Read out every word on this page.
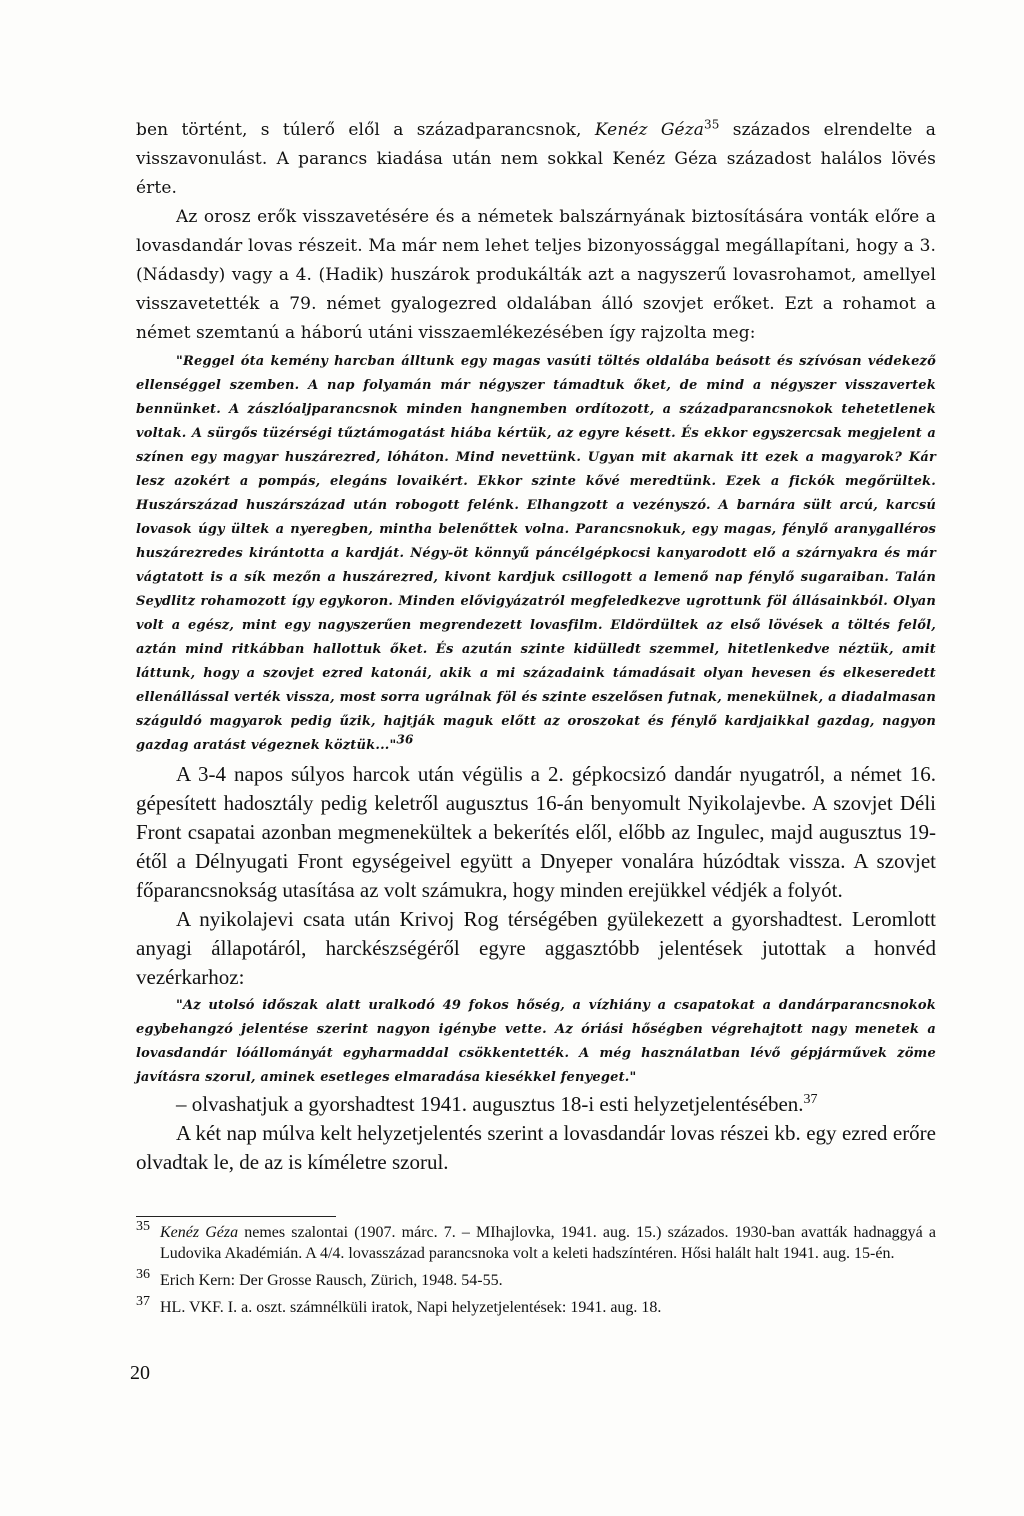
ben történt, s túlerő elől a századparancsnok, Kenéz Géza$^{35}$ százados elrendelte a visszavonulást. A parancs kiadása után nem sokkal Kenéz Géza századost halálos lövés érte.

Az orosz erők visszavetésére és a németek balszárnyának biztosítására vonták előre a lovasdandár lovas részeit. Ma már nem lehet teljes bizonyossággal megállapítani, hogy a 3. (Nádasdy) vagy a 4. (Hadik) huszárok produkálták azt a nagyszerű lovasrohamot, amellyel visszavetették a 79. német gyalogezred oldalában álló szovjet erőket. Ezt a rohamot a német szemtanú a háború utáni visszaemlékezésében így rajzolta meg:

"Reggel óta kemény harcban álltunk egy magas vasúti töltés oldalába beásott és szívósan védekező ellenséggel szemben. A nap folyamán már négyszer támadtuk őket, de mind a négyszer visszavertek bennünket. A zászlóaljparancsnok minden hangnemben ordítozott, a századparancsnokok tehetetlenek voltak. A sürgős tüzérségi tűztámogatást hiába kértük, az egyre késett. És ekkor egyszercsak megjelent a színen egy magyar huszárezred, lóháton. Mind nevettünk. Ugyan mit akarnak itt ezek a magyarok? Kár lesz azokért a pompás, elegáns lovaikért. Ekkor szinte kővé meredtünk. Ezek a fickók megőrültek. Huszárszázad huszárszázad után robogott felénk. Elhangzott a vezényszó. A barnára sült arcú, karcsú lovasok úgy ültek a nyeregben, mintha belenőttek volna. Parancsnokuk, egy magas, fénylő aranygalléros huszárezredes kirántotta a kardját. Négy-öt könnyű páncélgépkocsi kanyarodott elő a szárnyakra és már vágtatott is a sík mezőn a huszárezred, kivont kardjuk csillogott a lemenő nap fénylő sugaraiban. Talán Seydlitz rohamozott így egykoron. Minden elővigyázatról megfeledkezve ugrottunk föl állásainkból. Olyan volt a egész, mint egy nagyszerűen megrendezett lovasfilm. Eldördültek az első lövések a töltés felől, aztán mind ritkábban hallottuk őket. És azután szinte kidülledt szemmel, hitetlenkedve néztük, amit láttunk, hogy a szovjet ezred katonái, akik a mi századaink támadásait olyan hevesen és elkeseredett ellenállással verték vissza, most sorra ugrálnak föl és szinte eszelősen futnak, menekülnek, a diadalmasan száguldó magyarok pedig űzik, hajtják maguk előtt az oroszokat és fénylő kardjaikkal gazdag, nagyon gazdag aratást végeznek köztük..."$^{36}$

A 3-4 napos súlyos harcok után végülis a 2. gépkocsizó dandár nyugatról, a német 16. gépesített hadosztály pedig keletről augusztus 16-án benyomult Nyikolajevbe. A szovjet Déli Front csapatai azonban megmenekültek a bekerítés elől, előbb az Ingulec, majd augusztus 19-étől a Délnyugati Front egységeivel együtt a Dnyeper vonalára húzódtak vissza. A szovjet főparancsnokság utasítása az volt számukra, hogy minden erejükkel védjék a folyót.

A nyikolajevi csata után Krivoj Rog térségében gyülekezett a gyorshadtest. Leromlott anyagi állapotáról, harckészségéről egyre aggasztóbb jelentések jutottak a honvéd vezérkarhoz:

"Az utolsó időszak alatt uralkodó 49 fokos hőség, a vízhiány a csapatokat a dandárparancsnokok egybehangzó jelentése szerint nagyon igénybe vette. Az óriási hőségben végrehajtott nagy menetek a lovasdandár lóállományát egyharmaddal csökkentették. A még használatban lévő gépjárművek zöme javításra szorul, aminek esetleges elmaradása kiesékkel fenyeget."

– olvashatjuk a gyorshadtest 1941. augusztus 18-i esti helyzetjelentésében.$^{37}$

A két nap múlva kelt helyzetjelentés szerint a lovasdandár lovas részei kb. egy ezred erőre olvadtak le, de az is kíméletre szorul.

35 Kenéz Géza nemes szalontai (1907. márc. 7. – MIhajlovka, 1941. aug. 15.) százados. 1930-ban avatták hadnaggyá a Ludovika Akadémián. A 4/4. lovasszázad parancsnoka volt a keleti hadszíntéren. Hősi halált halt 1941. aug. 15-én.
36 Erich Kern: Der Grosse Rausch, Zürich, 1948. 54-55.
37 HL. VKF. I. a. oszt. számnélküli iratok, Napi helyzetjelentések: 1941. aug. 18.
20
